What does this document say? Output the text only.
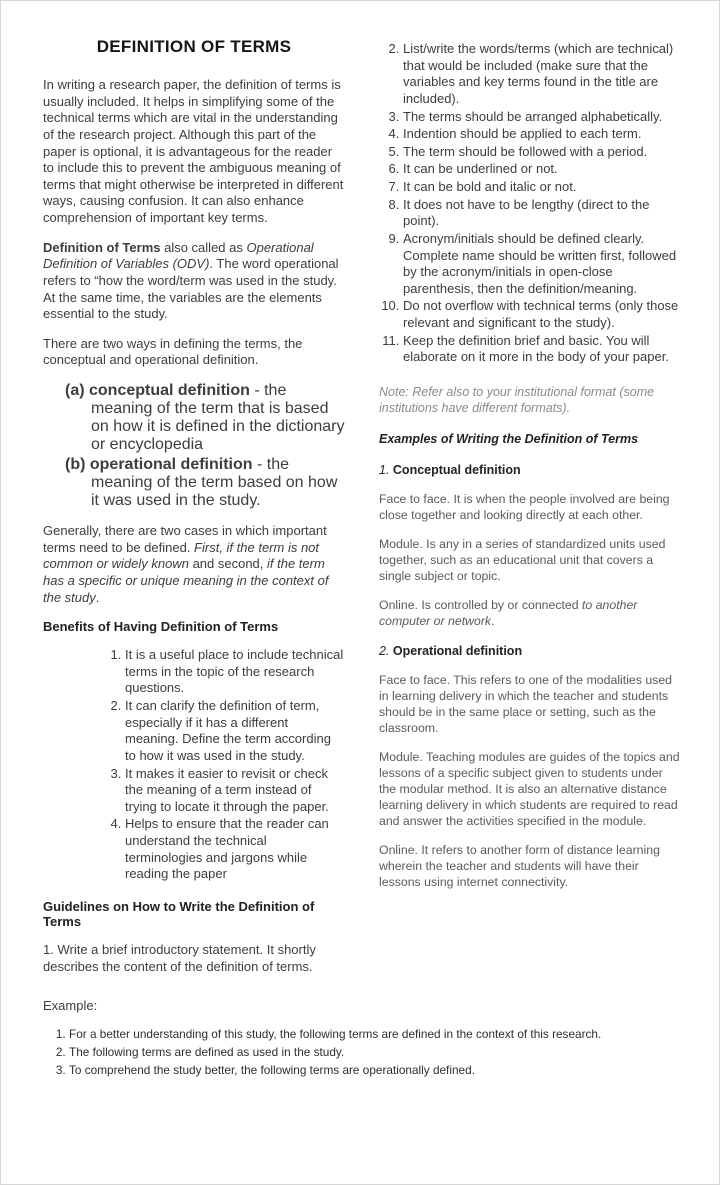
DEFINITION OF TERMS

In writing a research paper, the definition of terms is usually included. It helps in simplifying some of the technical terms which are vital in the understanding of the research project. Although this part of the paper is optional, it is advantageous for the reader to include this to prevent the ambiguous meaning of terms that might otherwise be interpreted in different ways, causing confusion. It can also enhance comprehension of important key terms.

Definition of Terms also called as Operational Definition of Variables (ODV). The word operational refers to “how the word/term was used in the study. At the same time, the variables are the elements essential to the study.

There are two ways in defining the terms, the conceptual and operational definition.

(a) conceptual definition - the meaning of the term that is based on how it is defined in the dictionary or encyclopedia
(b) operational definition - the meaning of the term based on how it was used in the study.

Generally, there are two cases in which important terms need to be defined. First, if the term is not common or widely known and second, if the term has a specific or unique meaning in the context of the study.

Benefits of Having Definition of Terms
1. It is a useful place to include technical terms in the topic of the research questions.
2. It can clarify the definition of term, especially if it has a different meaning. Define the term according to how it was used in the study.
3. It makes it easier to revisit or check the meaning of a term instead of trying to locate it through the paper.
4. Helps to ensure that the reader can understand the technical terminologies and jargons while reading the paper
Guidelines on How to Write the Definition of Terms

1. Write a brief introductory statement. It shortly describes the content of the definition of terms.

2. List/write the words/terms (which are technical) that would be included (make sure that the variables and key terms found in the title are included).
3. The terms should be arranged alphabetically.
4. Indention should be applied to each term.
5. The term should be followed with a period.
6. It can be underlined or not.
7. It can be bold and italic or not.
8. It does not have to be lengthy (direct to the point).
9. Acronym/initials should be defined clearly. Complete name should be written first, followed by the acronym/initials in open-close parenthesis, then the definition/meaning.
10. Do not overflow with technical terms (only those relevant and significant to the study).
11. Keep the definition brief and basic. You will elaborate on it more in the body of your paper.

Note: Refer also to your institutional format (some institutions have different formats).

Examples of Writing the Definition of Terms

1. Conceptual definition

Face to face. It is when the people involved are being close together and looking directly at each other.

Module. Is any in a series of standardized units used together, such as an educational unit that covers a single subject or topic.

Online. Is controlled by or connected to another computer or network.

2. Operational definition

Face to face. This refers to one of the modalities used in learning delivery in which the teacher and students should be in the same place or setting, such as the classroom.

Module. Teaching modules are guides of the topics and lessons of a specific subject given to students under the modular method. It is also an alternative distance learning delivery in which students are required to read and answer the activities specified in the module.

Online. It refers to another form of distance learning wherein the teacher and students will have their lessons using internet connectivity.

Example:

1. For a better understanding of this study, the following terms are defined in the context of this research.
2. The following terms are defined as used in the study.
3. To comprehend the study better, the following terms are operationally defined.
